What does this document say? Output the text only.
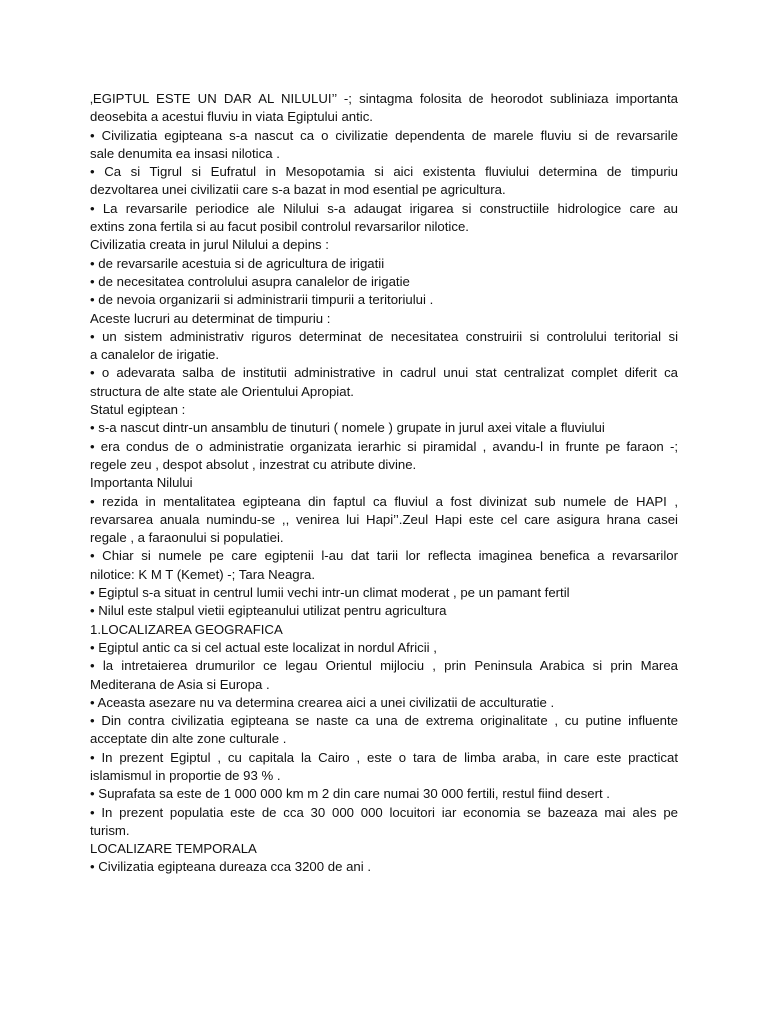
‚EGIPTUL ESTE UN DAR AL NILULUI’’ -; sintagma folosita de heorodot subliniaza importanta
deosebita a acestui fluviu in viata Egiptului antic.
• Civilizatia egipteana s-a nascut ca o civilizatie dependenta de marele fluviu si de revarsarile
sale denumita ea insasi nilotica .
• Ca si Tigrul si Eufratul in Mesopotamia si aici existenta fluviului determina de timpuriu
dezvoltarea unei civilizatii care s-a bazat in mod esential pe agricultura.
• La revarsarile periodice ale Nilului s-a adaugat irigarea si constructiile hidrologice care au
extins zona fertila si au facut posibil controlul revarsarilor nilotice.
Civilizatia creata in jurul Nilului a depins :
• de revarsarile acestuia si de agricultura de irigatii
• de necesitatea controlului asupra canalelor de irigatie
• de nevoia organizarii si administrarii timpurii a teritoriului .
Aceste lucruri au determinat de timpuriu :
• un sistem administrativ riguros determinat de necesitatea construirii si controlului teritorial si
a canalelor de irigatie.
• o adevarata salba de institutii administrative in cadrul unui stat centralizat complet diferit ca
structura de alte state ale Orientului Apropiat.
Statul egiptean :
• s-a nascut dintr-un ansamblu de tinuturi ( nomele ) grupate in jurul axei vitale a fluviului
• era condus de o administratie organizata ierarhic si piramidal , avandu-l in frunte pe faraon -;
regele zeu , despot absolut , inzestrat cu atribute divine.
Importanta Nilului
• rezida in mentalitatea egipteana din faptul ca fluviul a fost divinizat sub numele de HAPI ,
revarsarea anuala numindu-se ,, venirea lui Hapi’’.Zeul Hapi este cel care asigura hrana casei
regale , a faraonului si populatiei.
• Chiar si numele pe care egiptenii l-au dat tarii lor reflecta imaginea benefica a revarsarilor
nilotice: K M T (Kemet) -; Tara Neagra.
• Egiptul s-a situat in centrul lumii vechi intr-un climat moderat , pe un pamant fertil
• Nilul este stalpul vietii egipteanului utilizat pentru agricultura
1.LOCALIZAREA GEOGRAFICA
• Egiptul antic ca si cel actual este localizat in nordul Africii ,
• la intretaierea drumurilor ce legau Orientul mijlociu , prin Peninsula Arabica si prin Marea
Mediterana de Asia si Europa .
• Aceasta asezare nu va determina crearea aici a unei civilizatii de acculturatie .
• Din contra civilizatia egipteana se naste ca una de extrema originalitate , cu putine influente
acceptate din alte zone culturale .
• In prezent Egiptul , cu capitala la Cairo , este o tara de limba araba, in care este practicat
islamismul in proportie de 93 % .
• Suprafata sa este de 1 000 000 km m 2 din care numai 30 000 fertili, restul fiind desert .
• In prezent populatia este de cca 30 000 000 locuitori iar economia se bazeaza mai ales pe
turism.
LOCALIZARE TEMPORALA
• Civilizatia egipteana dureaza cca 3200 de ani .
